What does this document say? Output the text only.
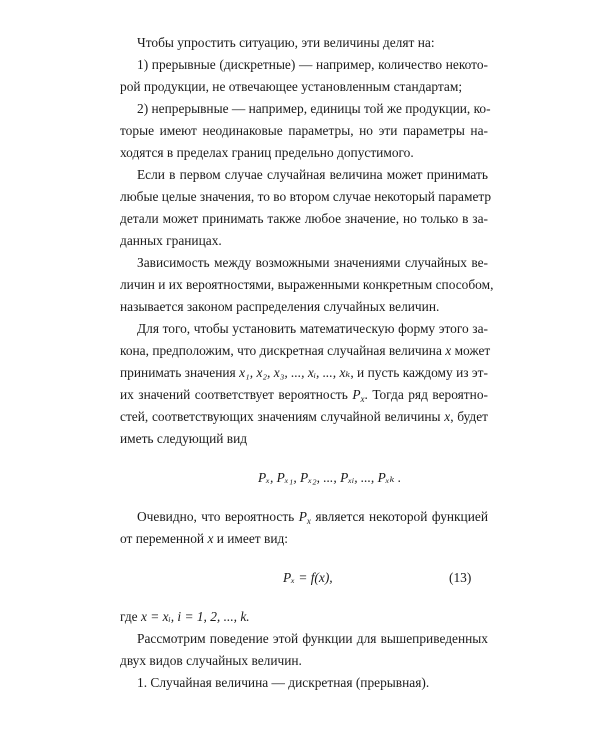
Чтобы упростить ситуацию, эти величины делят на:
1) прерывные (дискретные) — например, количество некото-
рой продукции, не отвечающее установленным стандартам;
2) непрерывные — например, единицы той же продукции, ко-
торые имеют неодинаковые параметры, но эти параметры на-
ходятся в пределах границ предельно допустимого.
Если в первом случае случайная величина может принимать
любые целые значения, то во втором случае некоторый параметр
детали может принимать также любое значение, но только в за-
данных границах.
Зависимость между возможными значениями случайных ве-
личин и их вероятностями, выраженными конкретным способом,
называется законом распределения случайных величин.
Для того, чтобы установить математическую форму этого за-
кона, предположим, что дискретная случайная величина x может
принимать значения x₁, x₂, x₃, ..., xᵢ, ..., xₖ, и пусть каждому из эт-
их значений соответствует вероятность $P_x$. Тогда ряд вероятно-
стей, соответствующих значениям случайной величины x, будет
иметь следующий вид
Pₓ, Pₓ₁, Pₓ₂, ..., Pₓᵢ, ..., Pₓₖ .
Очевидно, что вероятность $P_x$ является некоторой функцией
от переменной x и имеет вид:
Pₓ = f(x),	(13)
где x = xᵢ, i = 1, 2, ..., k.
Рассмотрим поведение этой функции для вышеприведенных
двух видов случайных величин.
1. Случайная величина — дискретная (прерывная).
